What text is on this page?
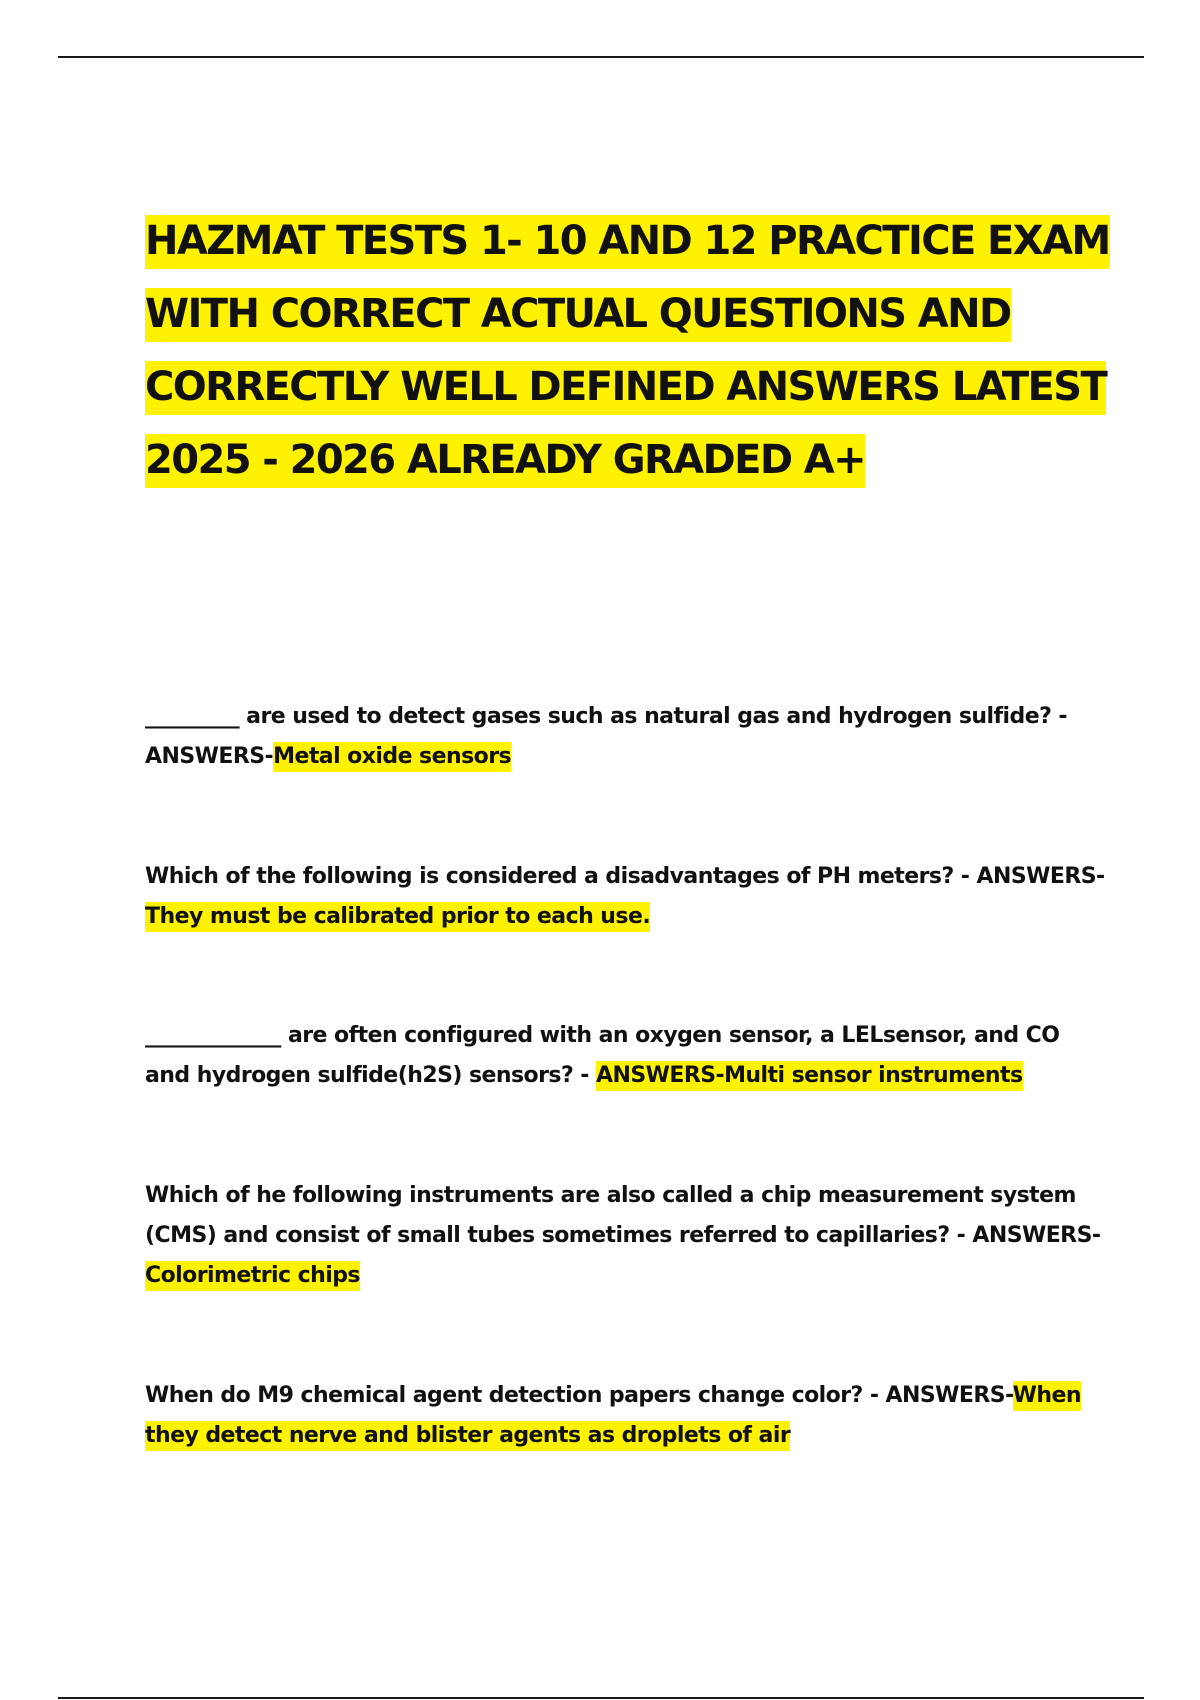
HAZMAT TESTS 1- 10 AND 12 PRACTICE EXAM WITH CORRECT ACTUAL QUESTIONS AND CORRECTLY WELL DEFINED ANSWERS LATEST 2025 - 2026 ALREADY GRADED A+

_________ are used to detect gases such as natural gas and hydrogen sulfide? - ANSWERS-Metal oxide sensors

Which of the following is considered a disadvantages of PH meters? - ANSWERS-
They must be calibrated prior to each use.

_____________ are often configured with an oxygen sensor, a LELsensor, and CO and hydrogen sulfide(h2S) sensors? - ANSWERS-Multi sensor instruments

Which of he following instruments are also called a chip measurement system (CMS) and consist of small tubes sometimes referred to capillaries? - ANSWERS-
Colorimetric chips

When do M9 chemical agent detection papers change color? - ANSWERS-When they detect nerve and blister agents as droplets of air
